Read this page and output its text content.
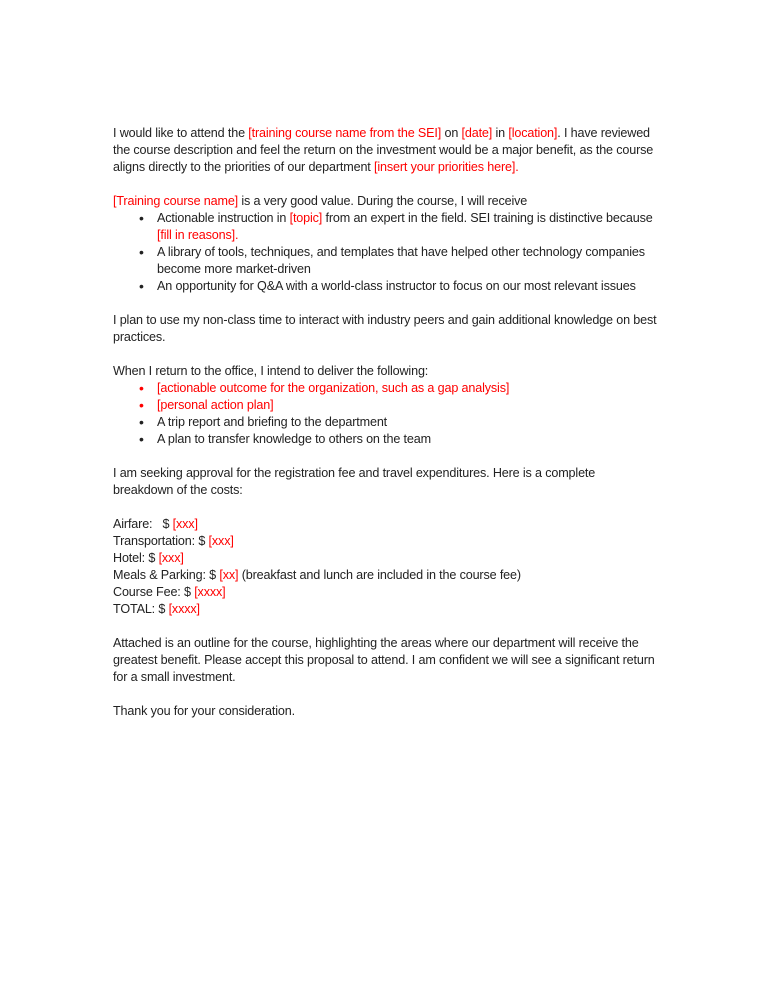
I would like to attend the [training course name from the SEI] on [date] in [location]. I have reviewed the course description and feel the return on the investment would be a major benefit, as the course aligns directly to the priorities of our department [insert your priorities here].

[Training course name] is a very good value. During the course, I will receive

• Actionable instruction in [topic] from an expert in the field. SEI training is distinctive because [fill in reasons].
• A library of tools, techniques, and templates that have helped other technology companies become more market-driven
• An opportunity for Q&A with a world-class instructor to focus on our most relevant issues

I plan to use my non-class time to interact with industry peers and gain additional knowledge on best practices.

When I return to the office, I intend to deliver the following:

• [actionable outcome for the organization, such as a gap analysis]
• [personal action plan]
• A trip report and briefing to the department
• A plan to transfer knowledge to others on the team

I am seeking approval for the registration fee and travel expenditures. Here is a complete breakdown of the costs:

Airfare:   $ [xxx]
Transportation: $ [xxx]
Hotel: $ [xxx]
Meals & Parking: $ [xx] (breakfast and lunch are included in the course fee)
Course Fee: $ [xxxx]
TOTAL: $ [xxxx]

Attached is an outline for the course, highlighting the areas where our department will receive the greatest benefit. Please accept this proposal to attend. I am confident we will see a significant return for a small investment.

Thank you for your consideration.
